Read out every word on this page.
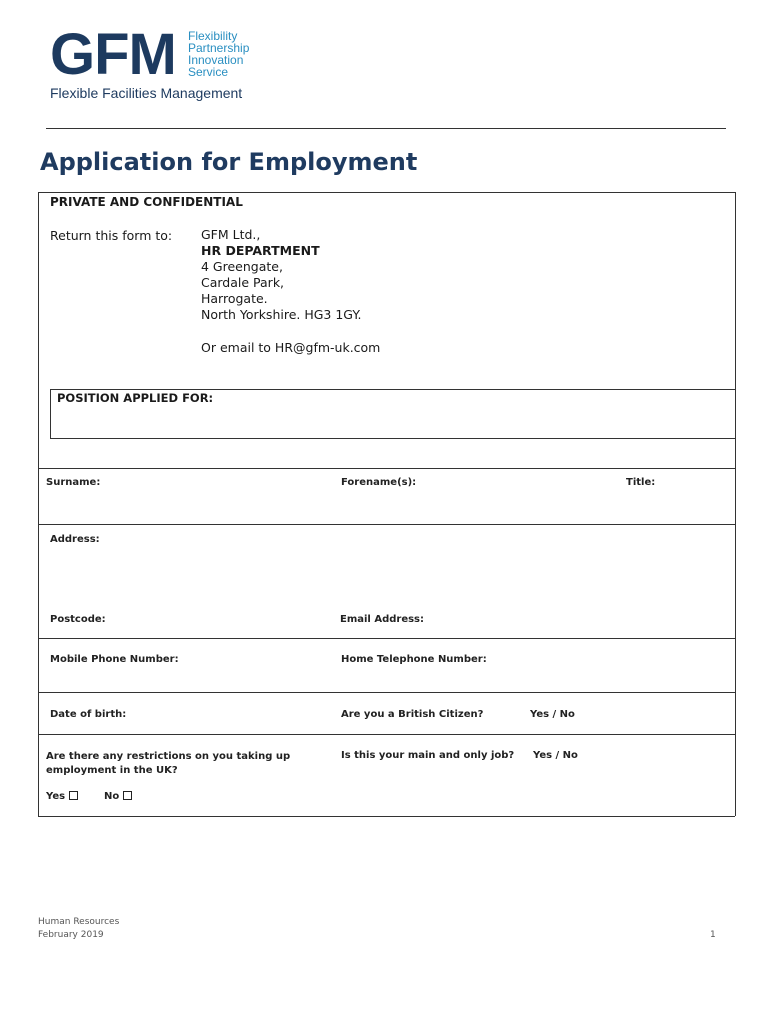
GFM Flexibility
Partnership
Innovation
Service
Flexible Facilities Management
Application for Employment
PRIVATE AND CONFIDENTIAL
Return this form to: GFM Ltd.,
HR DEPARTMENT
4 Greengate,
Cardale Park,
Harrogate.
North Yorkshire. HG3 1GY.
Or email to HR@gfm-uk.com
POSITION APPLIED FOR:
Surname:	Forename(s):	Title:
Address:
Postcode:	Email Address:
Mobile Phone Number:	Home Telephone Number:
Date of birth:	Are you a British Citizen?	Yes / No
Are there any restrictions on you taking up
employment in the UK?
Yes	No
Is this your main and only job? Yes / No
Human Resources
February 2019	1
